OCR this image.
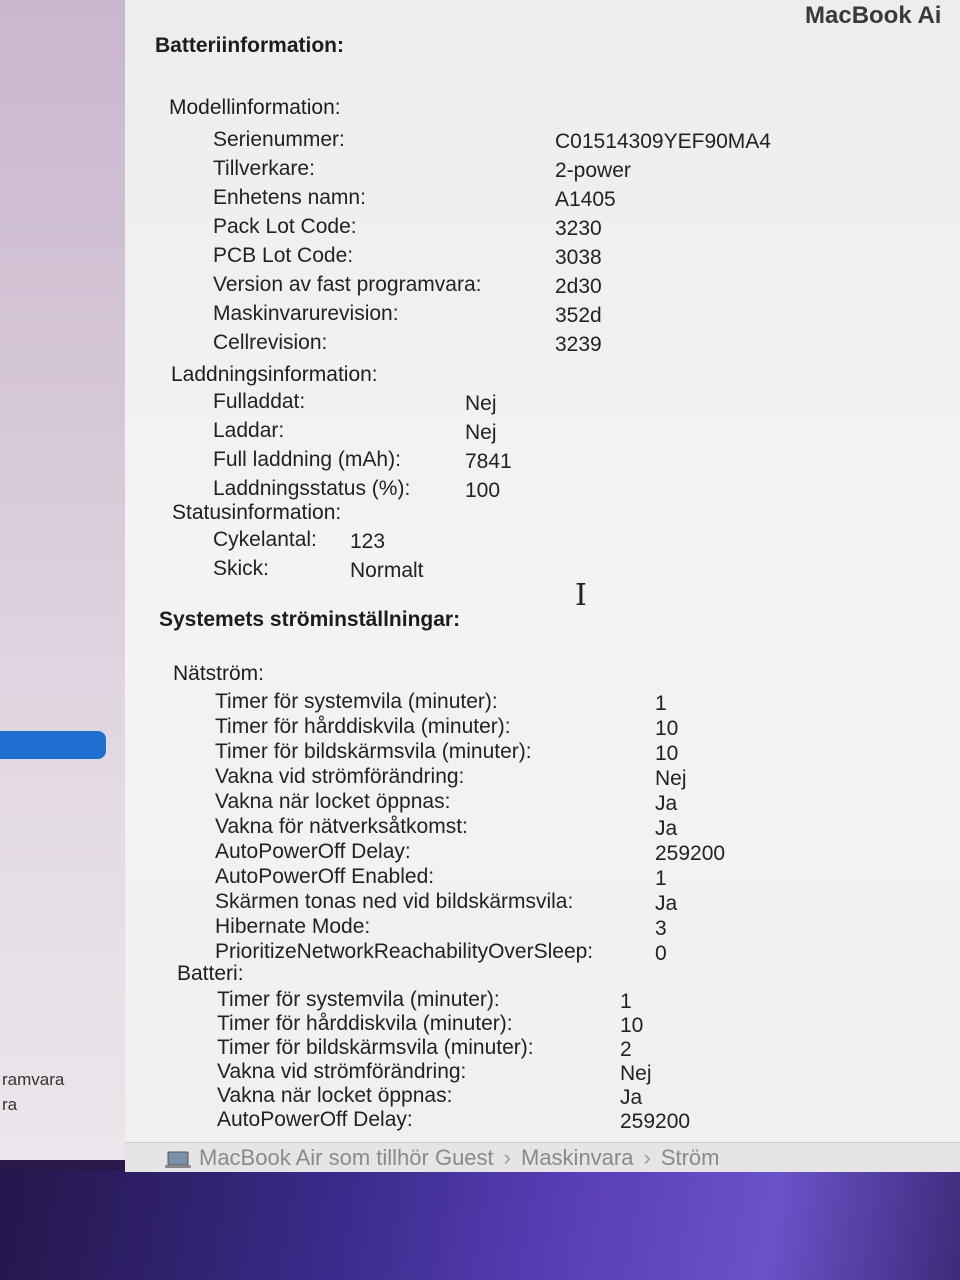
ramvara
ra
MacBook Ai
Batteriinformation:
Modellinformation:
Serienummer:	C01514309YEF90MA4
Tillverkare:	2-power
Enhetens namn:	A1405
Pack Lot Code:	3230
PCB Lot Code:	3038
Version av fast programvara:	2d30
Maskinvarurevision:	352d
Cellrevision:	3239
Laddningsinformation:
Fulladdat:	Nej
Laddar:	Nej
Full laddning (mAh):	7841
Laddningsstatus (%):	100
Statusinformation:
Cykelantal: 123
Skick:	Normalt
I
Systemets ströminställningar:
Nätström:
Timer för systemvila (minuter):	1
Timer för hårddiskvila (minuter):	10
Timer för bildskärmsvila (minuter):	10
Vakna vid strömförändring:	Nej
Vakna när locket öppnas:	Ja
Vakna för nätverksåtkomst:	Ja
AutoPowerOff Delay:	259200
AutoPowerOff Enabled:	1
Skärmen tonas ned vid bildskärmsvila:	Ja
Hibernate Mode:	3
PrioritizeNetworkReachabilityOverSleep:	0
Batteri:
Timer för systemvila (minuter):	1
Timer för hårddiskvila (minuter):	10
Timer för bildskärmsvila (minuter):	2
Vakna vid strömförändring:	Nej
Vakna när locket öppnas:	Ja
AutoPowerOff Delay:	259200
MacBook Air som tillhör Guest › Maskinvara › Ström
